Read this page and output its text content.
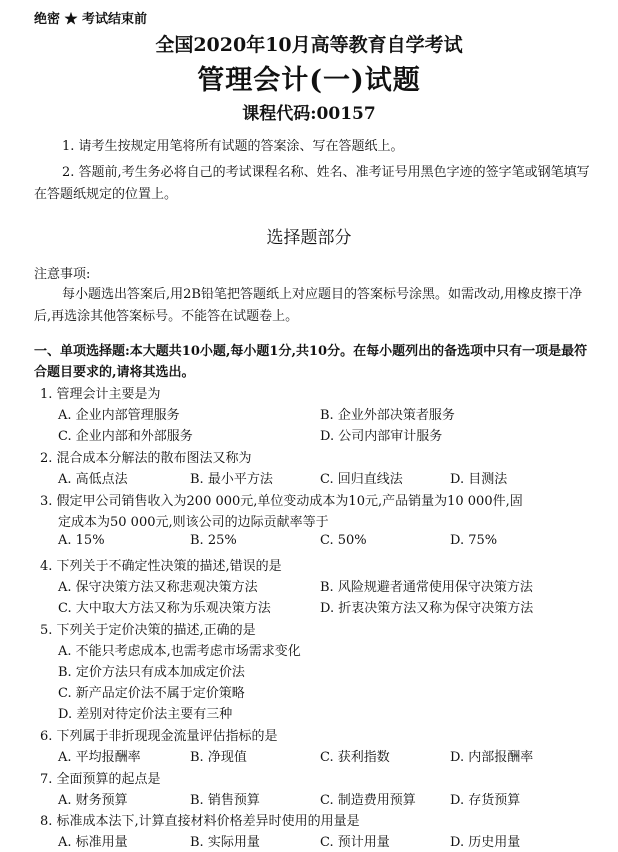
绝密 ★ 考试结束前
全国2020年10月高等教育自学考试
管理会计(一)试题
课程代码:00157
1. 请考生按规定用笔将所有试题的答案涂、写在答题纸上。
2. 答题前,考生务必将自己的考试课程名称、姓名、准考证号用黑色字迹的签字笔或钢笔填写在答题纸规定的位置上。
选择题部分
注意事项:
每小题选出答案后,用2B铅笔把答题纸上对应题目的答案标号涂黑。如需改动,用橡皮擦干净后,再选涂其他答案标号。不能答在试题卷上。
一、单项选择题:本大题共10小题,每小题1分,共10分。在每小题列出的备选项中只有一项是最符合题目要求的,请将其选出。
1. 管理会计主要是为
A. 企业内部管理服务	B. 企业外部决策者服务
C. 企业内部和外部服务	D. 公司内部审计服务
2. 混合成本分解法的散布图法又称为
A. 高低点法	B. 最小平方法	C. 回归直线法	D. 目测法
3. 假定甲公司销售收入为200 000元,单位变动成本为10元,产品销量为10 000件,固
定成本为50 000元,则该公司的边际贡献率等于
A. 15%	B. 25%	C. 50%	D. 75%
4. 下列关于不确定性决策的描述,错误的是
A. 保守决策方法又称悲观决策方法	B. 风险规避者通常使用保守决策方法
C. 大中取大方法又称为乐观决策方法	D. 折衷决策方法又称为保守决策方法
5. 下列关于定价决策的描述,正确的是
A. 不能只考虑成本,也需考虑市场需求变化
B. 定价方法只有成本加成定价法
C. 新产品定价法不属于定价策略
D. 差别对待定价法主要有三种
6. 下列属于非折现现金流量评估指标的是
A. 平均报酬率	B. 净现值	C. 获利指数	D. 内部报酬率
7. 全面预算的起点是
A. 财务预算	B. 销售预算	C. 制造费用预算	D. 存货预算
8. 标准成本法下,计算直接材料价格差异时使用的用量是
A. 标准用量	B. 实际用量	C. 预计用量	D. 历史用量
